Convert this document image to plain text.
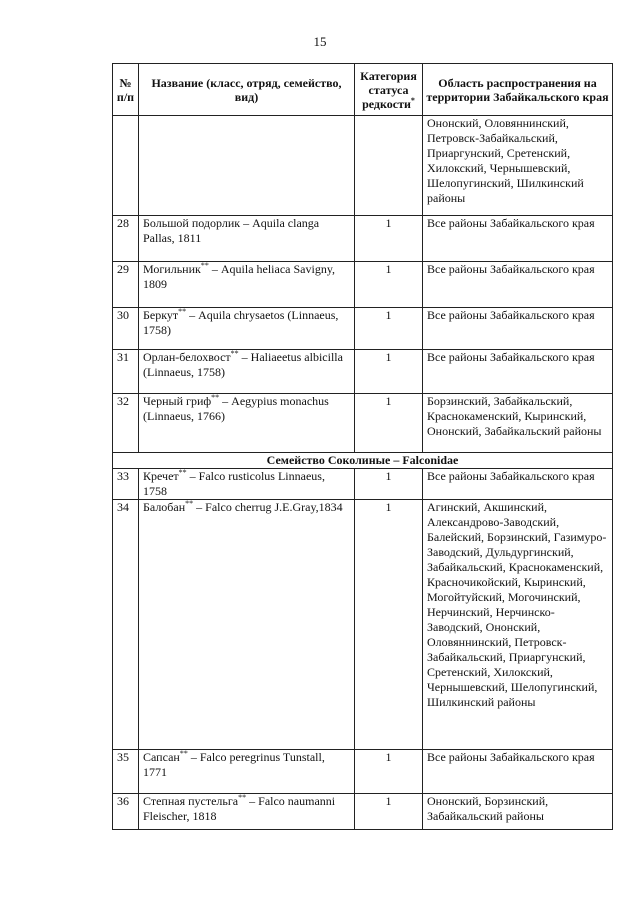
15
№ п/п	Название (класс, отряд, семейство, вид)	Категория статуса редкости*	Область распространения на территории Забайкальского края
			Ононский, Оловяннинский, Петровск-Забайкальский, Приаргунский, Сретенский, Хилокский, Чернышевский, Шелопугинский, Шилкинский районы
28	Большой подорлик – Aquila clanga Pallas, 1811	1	Все районы Забайкальского края
29	Могильник** – Aquila heliaca Savigny, 1809	1	Все районы Забайкальского края
30	Беркут** – Aquila chrysaetos (Linnaeus, 1758)	1	Все районы Забайкальского края
31	Орлан-белохвост** – Haliaeetus albicilla (Linnaeus, 1758)	1	Все районы Забайкальского края
32	Черный гриф** – Aegypius monachus (Linnaeus, 1766)	1	Борзинский, Забайкальский, Краснокаменский, Кыринский, Ононский, Забайкальский районы
Семейство Соколиные – Falconidae			
33	Кречет** – Falco rusticolus Linnaeus, 1758	1	Все районы Забайкальского края
34	Балобан** – Falco cherrug J.E.Gray,1834	1	Агинский, Акшинский, Александрово-Заводский, Балейский, Борзинский, Газимуро-Заводский, Дульдургинский, Забайкальский, Краснокаменский, Красночикойский, Кыринский, Могойтуйский, Могочинский, Нерчинский, Нерчинско-Заводский, Ононский, Оловяннинский, Петровск-Забайкальский, Приаргунский, Сретенский, Хилокский, Чернышевский, Шелопугинский, Шилкинский районы
35	Сапсан** – Falco peregrinus Tunstall, 1771	1	Все районы Забайкальского края
36	Степная пустельга** – Falco naumanni Fleischer, 1818	1	Ононский, Борзинский, Забайкальский районы
